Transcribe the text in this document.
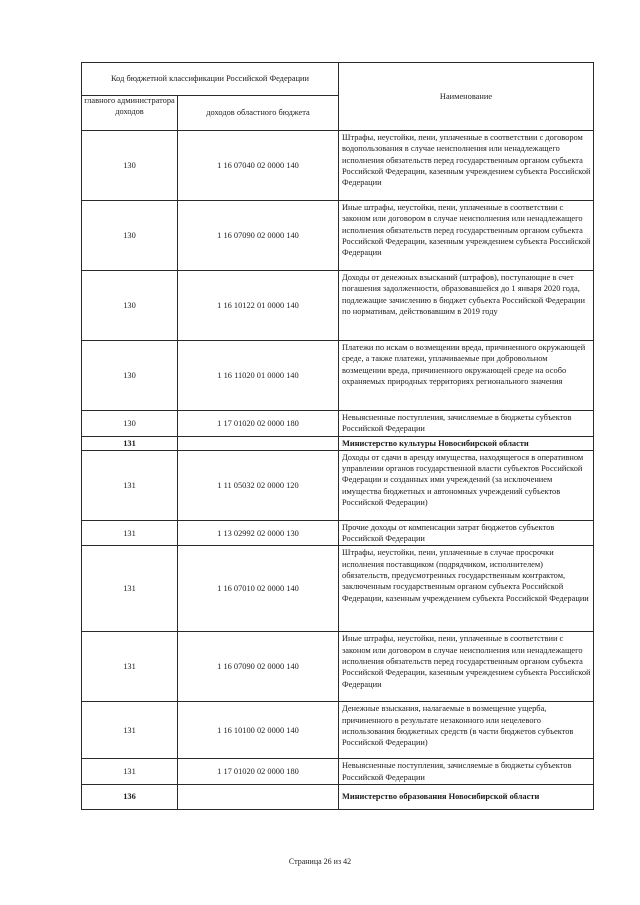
Код бюджетной классификации Российской Федерации		Наименование

главного администратора доходов	доходов областного бюджета	
130	1 16 07040 02 0000 140	Штрафы, неустойки, пени, уплаченные в соответствии с договором водопользования в случае неисполнения или ненадлежащего исполнения обязательств перед государственным органом субъекта Российской Федерации, казенным учреждением субъекта Российской Федерации
130	1 16 07090 02 0000 140	Иные штрафы, неустойки, пени, уплаченные в соответствии с законом или договором в случае неисполнения или ненадлежащего исполнения обязательств перед государственным органом субъекта Российской Федерации, казенным учреждением субъекта Российской Федерации
130	1 16 10122 01 0000 140	Доходы от денежных взысканий (штрафов), поступающие в счет погашения задолженности, образовавшейся до 1 января 2020 года, подлежащие зачислению в бюджет субъекта Российской Федерации по нормативам, действовавшим в 2019 году
130	1 16 11020 01 0000 140	Платежи по искам о возмещении вреда, причиненного окружающей среде, а также платежи, уплачиваемые при добровольном возмещении вреда, причиненного окружающей среде на особо охраняемых природных территориях регионального значения
130	1 17 01020 02 0000 180	Невыясненные поступления, зачисляемые в бюджеты субъектов Российской Федерации
131		Министерство культуры Новосибирской области
131	1 11 05032 02 0000 120	Доходы от сдачи в аренду имущества, находящегося в оперативном управлении органов государственной власти субъектов Российской Федерации и созданных ими учреждений (за исключением имущества бюджетных и автономных учреждений субъектов Российской Федерации)
131	1 13 02992 02 0000 130	Прочие доходы от компенсации затрат бюджетов субъектов Российской Федерации
131	1 16 07010 02 0000 140	Штрафы, неустойки, пени, уплаченные в случае просрочки исполнения поставщиком (подрядчиком, исполнителем) обязательств, предусмотренных государственным контрактом, заключенным государственным органом субъекта Российской Федерации, казенным учреждением субъекта Российской Федерации
131	1 16 07090 02 0000 140	Иные штрафы, неустойки, пени, уплаченные в соответствии с законом или договором в случае неисполнения или ненадлежащего исполнения обязательств перед государственным органом субъекта Российской Федерации, казенным учреждением субъекта Российской Федерации
131	1 16 10100 02 0000 140	Денежные взыскания, налагаемые в возмещение ущерба, причиненного в результате незаконного или нецелевого использования бюджетных средств (в части бюджетов субъектов Российской Федерации)
131	1 17 01020 02 0000 180	Невыясненные поступления, зачисляемые в бюджеты субъектов Российской Федерации
136		Министерство образования Новосибирской области
Страница 26 из 42
